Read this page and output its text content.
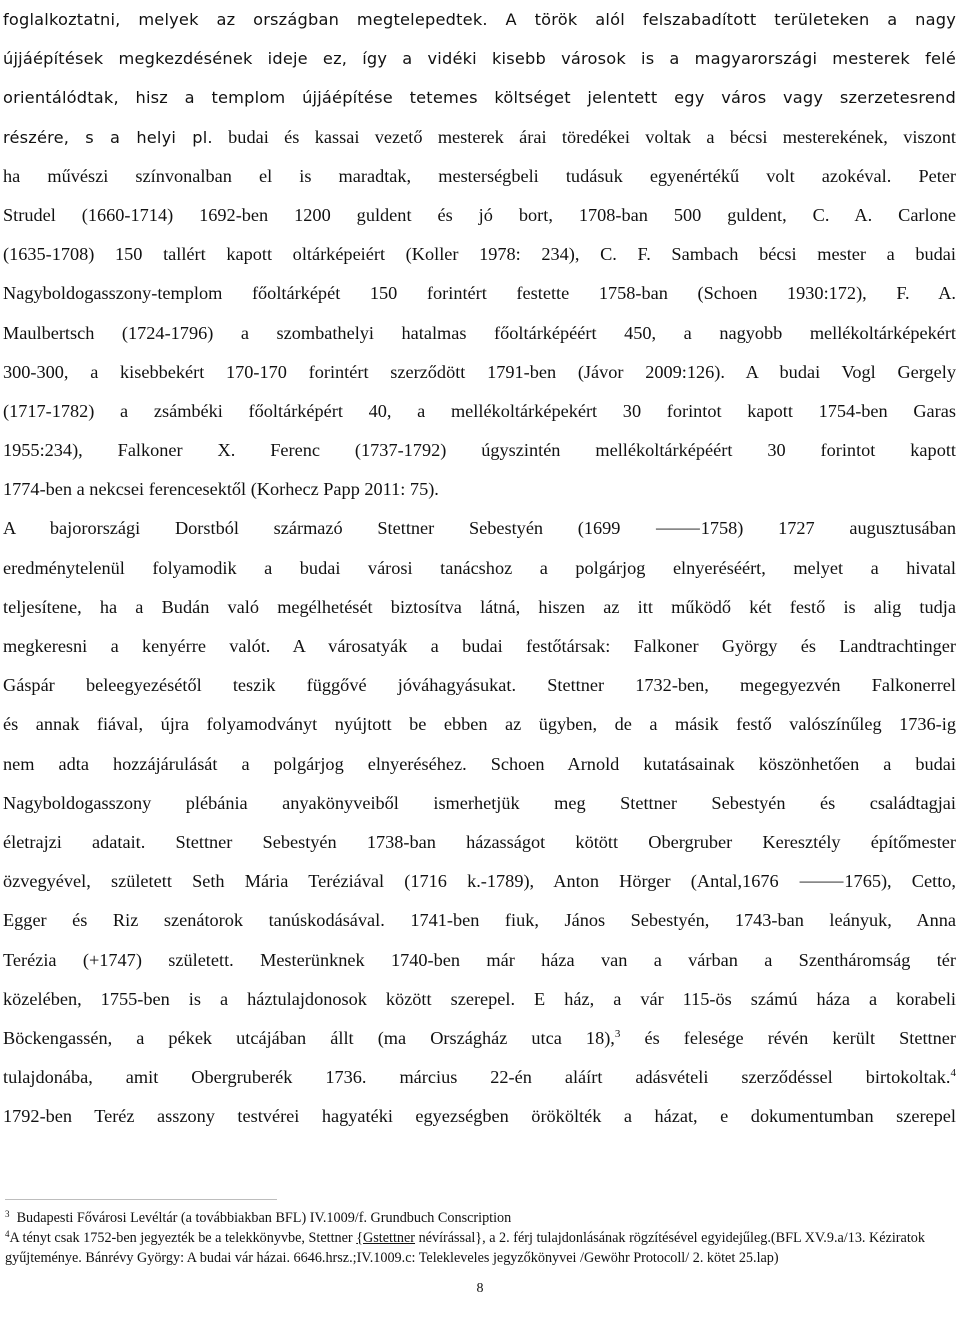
foglalkoztatni, melyek az országban megtelepedtek. A török alól felszabadított területeken a nagy
újjáépítések megkezdésének ideje ez, így a vidéki kisebb városok is a magyarországi mesterek felé
orientálódtak, hisz a templom újjáépítése tetemes költséget jelentett egy város vagy szerzetesrend
részére, s a helyi pl. budai és kassai vezető mesterek árai töredékei voltak a bécsi mesterekének, viszont
ha művészi színvonalban el is maradtak, mesterségbeli tudásuk egyenértékű volt azokéval. Peter
Strudel (1660-1714) 1692-ben 1200 guldent és jó bort, 1708-ban 500 guldent, C. A. Carlone
(1635-1708) 150 tallért kapott oltárképeiért (Koller 1978: 234), C. F. Sambach bécsi mester a budai
Nagyboldogasszony-templom főoltárképét 150 forintért festette 1758-ban (Schoen 1930:172), F. A.
Maulbertsch (1724-1796) a szombathelyi hatalmas főoltárképéért 450, a nagyobb mellékoltárképekért
300-300, a kisebbekért 170-170 forintért szerződött 1791-ben (Jávor 2009:126). A budai Vogl Gergely
(1717-1782) a zsámbéki főoltárképért 40, a mellékoltárképekért 30 forintot kapott 1754-ben Garas
1955:234), Falkoner X. Ferenc (1737-1792) úgyszintén mellékoltárképéért 30 forintot kapott
1774-ben a nekcsei ferencesektől (Korhecz Papp 2011: 75).
A bajorországi Dorstból származó Stettner Sebestyén (1699 ⸻1758) 1727 augusztusában
eredménytelenül folyamodik a budai városi tanácshoz a polgárjog elnyeréséért, melyet a hivatal
teljesítene, ha a Budán való megélhetését biztosítva látná, hiszen az itt működő két festő is alig tudja
megkeresni a kenyérre valót. A városatyák a budai festőtársak: Falkoner György és Landtrachtinger
Gáspár beleegyezésétől teszik függővé jóváhagyásukat. Stettner 1732-ben, megegyezvén Falkonerrel
és annak fiával, újra folyamodványt nyújtott be ebben az ügyben, de a másik festő valószínűleg 1736-ig
nem adta hozzájárulását a polgárjog elnyeréséhez. Schoen Arnold kutatásainak köszönhetően a budai
Nagyboldogasszony plébánia anyakönyveiből ismerhetjük meg Stettner Sebestyén és családtagjai
életrajzi adatait. Stettner Sebestyén 1738-ban házasságot kötött Obergruber Keresztély építőmester
özvegyével, született Seth Mária Teréziával (1716 k.-1789), Anton Hörger (Antal,1676 ⸻1765), Cetto,
Egger és Riz szenátorok tanúskodásával. 1741-ben fiuk, János Sebestyén, 1743-ban leányuk, Anna
Terézia (+1747) született. Mesterünknek 1740-ben már háza van a várban a Szentháromság tér
közelében, 1755-ben is a háztulajdonosok között szerepel. E ház, a vár 115-ös számú háza a korabeli
Böckengassén, a pékek utcájában állt (ma Országház utca 18),$^3$ és felesége révén került Stettner
tulajdonába, amit Obergruberék 1736. március 22-én aláírt adásvételi szerződéssel birtokoltak.$^4$
1792-ben Teréz asszony testvérei hagyatéki egyezségben örökölték a házat, e dokumentumban szerepel

$^3$ Budapesti Fővárosi Levéltár (a továbbiakban BFL) IV.1009/f. Grundbuch Conscription

$^4$A tényt csak 1752-ben jegyezték be a telekkönyvbe, Stettner {Gstettner névírással}, a 2. férj tulajdonlásának rögzítésével egyidejűleg.(BFL XV.9.a/13. Kéziratok gyűjteménye. Bánrévy György: A budai vár házai. 6646.hrsz.;IV.1009.c: Telekleveles jegyzőkönyvei /Gewöhr Protocoll/ 2. kötet 25.lap)

8
